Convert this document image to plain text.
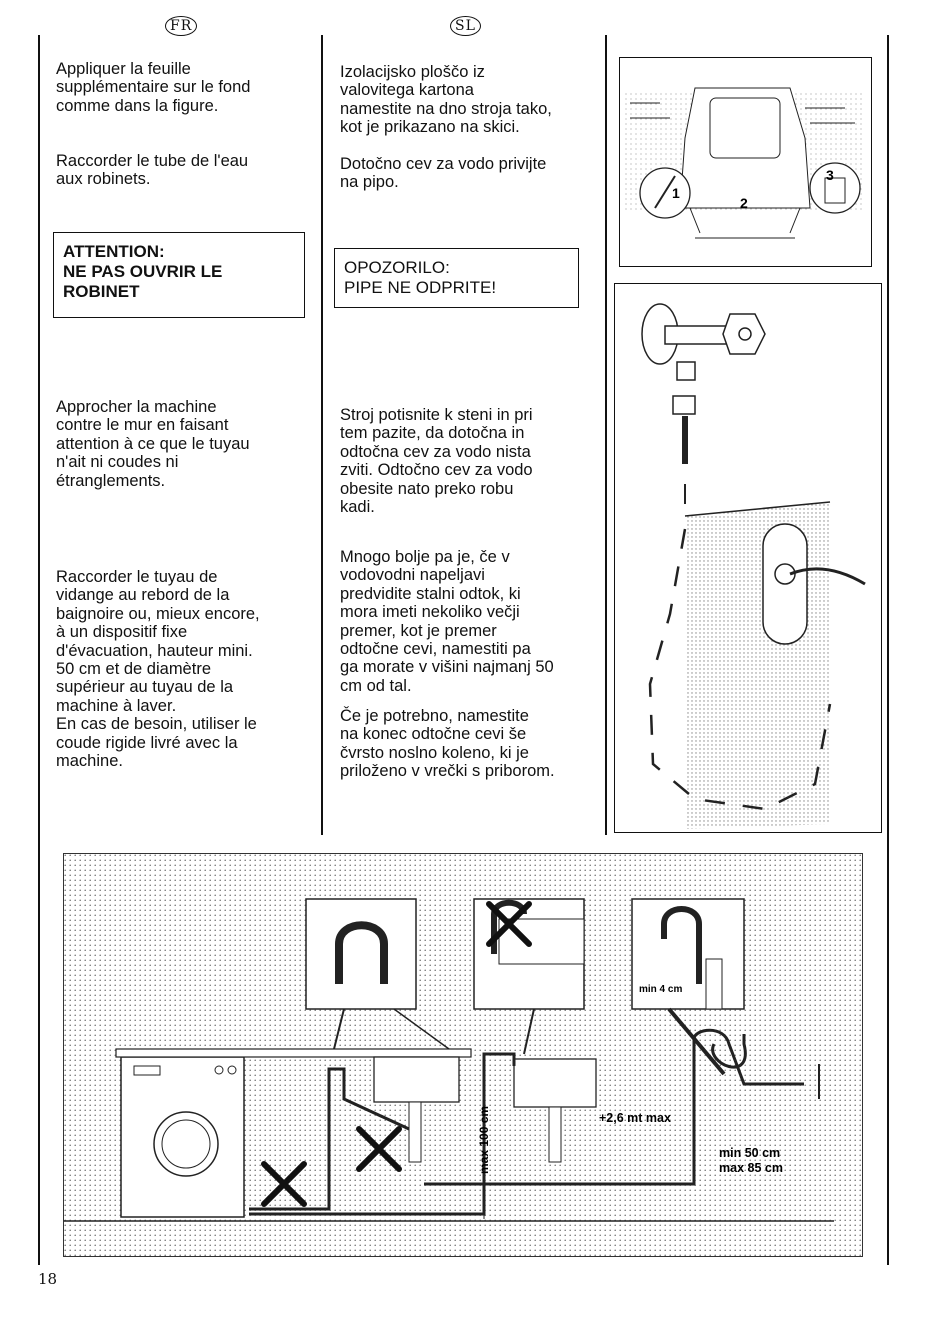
FR	SL

Appliquer la feuille
supplémentaire sur le fond
comme dans la figure.

Raccorder le tube de l'eau
aux robinets.

ATTENTION:
NE PAS OUVRIR LE
ROBINET

Approcher la machine
contre le mur en faisant
attention à ce que le tuyau
n'ait ni coudes ni
étranglements.

Raccorder le tuyau de
vidange au rebord de la
baignoire ou, mieux encore,
à un dispositif fixe
d'évacuation, hauteur mini.
50 cm et de diamètre
supérieur au tuyau de la
machine à laver.
En cas de besoin, utiliser le
coude rigide livré avec la
machine.

Izolacijsko ploščo iz
valovitega kartona
namestite na dno stroja tako,
kot je prikazano na skici.

Dotočno cev za vodo privijte
na pipo.

OPOZORILO:
PIPE NE ODPRITE!

Stroj potisnite k steni in pri
tem pazite, da dotočna in
odtočna cev za vodo nista
zviti. Odtočno cev za vodo
obesite nato preko robu
kadi.

Mnogo bolje pa je, če v
vodovodni napeljavi
predvidite stalni odtok, ki
mora imeti nekoliko večji
premer, kot je premer
odtočne cevi, namestiti pa
ga morate v višini najmanj 50
cm od tal.

Če je potrebno, namestite
na konec odtočne cevi še
čvrsto noslno koleno, ki je
priloženo v vrečki s priborom.

1
2
3
max 100 cm	+2,6 mt max
min 50 cm
max 85 cm
min 4 cm
18
